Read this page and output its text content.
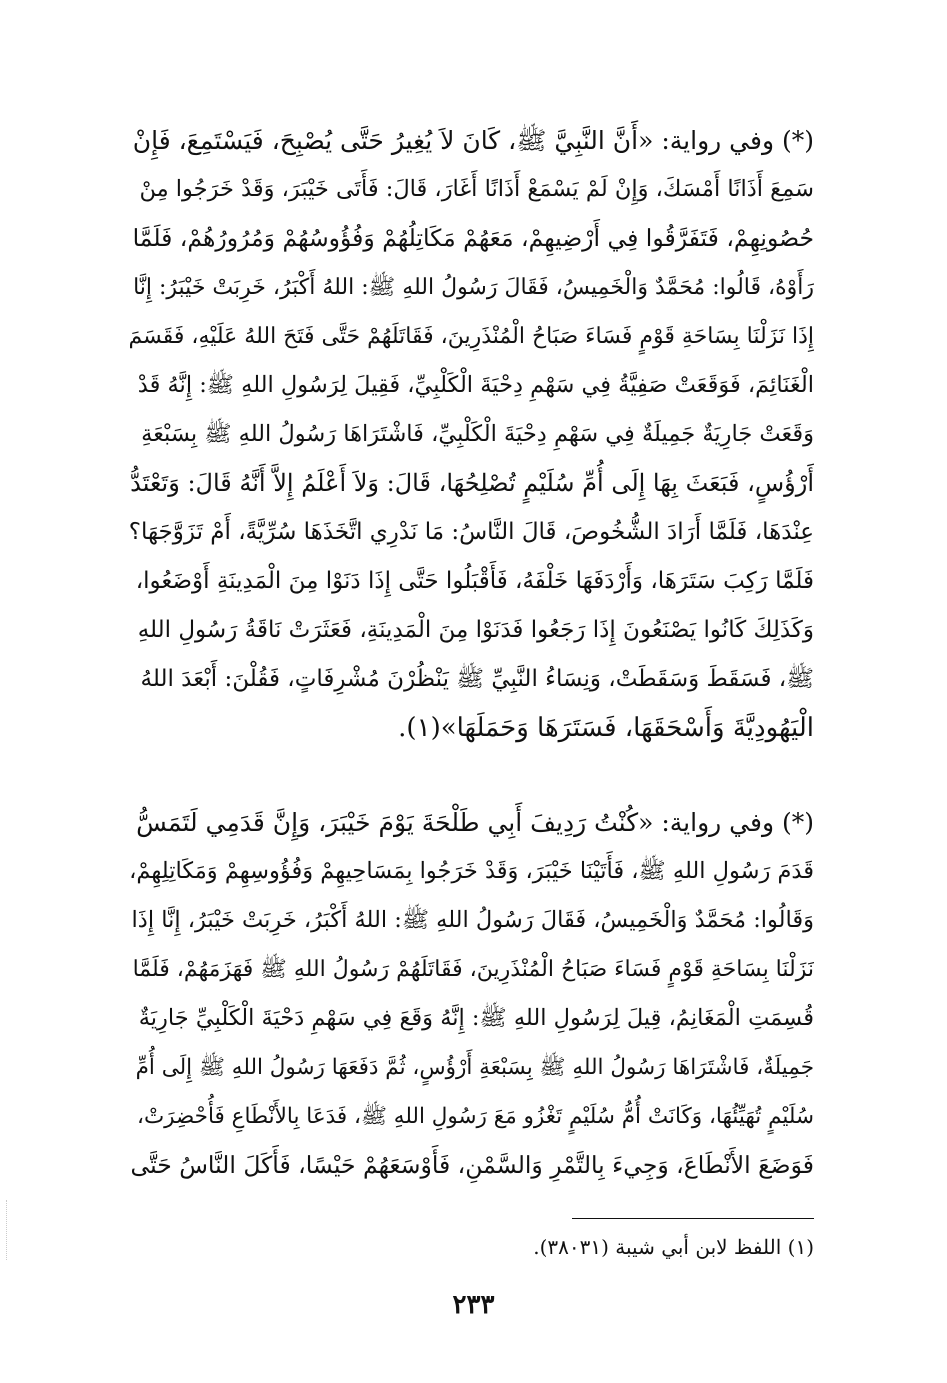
(*) وفي رواية: «أَنَّ النَّبِيَّ ﷺ، كَانَ لاَ يُغِيرُ حَتَّى يُصْبِحَ، فَيَسْتَمِعَ، فَإِنْ
سَمِعَ أَذَانًا أَمْسَكَ، وَإِنْ لَمْ يَسْمَعْ أَذَانًا أَغَارَ، قَالَ: فَأَتَى خَيْبَرَ، وَقَدْ خَرَجُوا مِنْ
حُصُونِهِمْ، فَتَفَرَّقُوا فِي أَرْضِيهِمْ، مَعَهُمْ مَكَاتِلُهُمْ وَفُؤُوسُهُمْ وَمُرُورُهُمْ، فَلَمَّا
رَأَوْهُ، قَالُوا: مُحَمَّدٌ وَالْخَمِيسُ، فَقَالَ رَسُولُ اللهِ ﷺ: اللهُ أَكْبَرُ، خَرِبَتْ خَيْبَرُ: إِنَّا
إِذَا نَزَلْنَا بِسَاحَةِ قَوْمٍ فَسَاءَ صَبَاحُ الْمُنْذَرِينَ، فَقَاتَلَهُمْ حَتَّى فَتَحَ اللهُ عَلَيْهِ، فَقَسَمَ
الْغَنَائِمَ، فَوَقَعَتْ صَفِيَّةُ فِي سَهْمِ دِحْيَةَ الْكَلْبِيِّ، فَقِيلَ لِرَسُولِ اللهِ ﷺ: إِنَّهُ قَدْ
وَقَعَتْ جَارِيَةٌ جَمِيلَةٌ فِي سَهْمِ دِحْيَةَ الْكَلْبِيِّ، فَاشْتَرَاهَا رَسُولُ اللهِ ﷺ بِسَبْعَةِ
أَرْؤُسٍ، فَبَعَثَ بِهَا إِلَى أُمِّ سُلَيْمٍ تُصْلِحُهَا، قَالَ: وَلاَ أَعْلَمُ إِلاَّ أَنَّهُ قَالَ: وَتَعْتَدُّ
عِنْدَهَا، فَلَمَّا أَرَادَ الشُّخُوصَ، قَالَ النَّاسُ: مَا نَدْرِي اتَّخَذَهَا سُرِّيَّةً، أَمْ تَزَوَّجَهَا؟
فَلَمَّا رَكِبَ سَتَرَهَا، وَأَرْدَفَهَا خَلْفَهُ، فَأَقْبَلُوا حَتَّى إِذَا دَنَوْا مِنَ الْمَدِينَةِ أَوْضَعُوا،
وَكَذَلِكَ كَانُوا يَصْنَعُونَ إِذَا رَجَعُوا فَدَنَوْا مِنَ الْمَدِينَةِ، فَعَثَرَتْ نَاقَةُ رَسُولِ اللهِ
ﷺ، فَسَقَطَ وَسَقَطَتْ، وَنِسَاءُ النَّبِيِّ ﷺ يَنْظُرْنَ مُشْرِفَاتٍ، فَقُلْنَ: أَبْعَدَ اللهُ
الْيَهُودِيَّةَ وَأَسْحَقَهَا، فَسَتَرَهَا وَحَمَلَهَا»(١).
(*) وفي رواية: «كُنْتُ رَدِيفَ أَبِي طَلْحَةَ يَوْمَ خَيْبَرَ، وَإِنَّ قَدَمِي لَتَمَسُّ
قَدَمَ رَسُولِ اللهِ ﷺ، فَأَتَيْنَا خَيْبَرَ، وَقَدْ خَرَجُوا بِمَسَاحِيهِمْ وَفُؤُوسِهِمْ وَمَكَاتِلِهِمْ،
وَقَالُوا: مُحَمَّدٌ وَالْخَمِيسُ، فَقَالَ رَسُولُ اللهِ ﷺ: اللهُ أَكْبَرُ، خَرِبَتْ خَيْبَرُ، إِنَّا إِذَا
نَزَلْنَا بِسَاحَةِ قَوْمٍ فَسَاءَ صَبَاحُ الْمُنْذَرِينَ، فَقَاتَلَهُمْ رَسُولُ اللهِ ﷺ فَهَزَمَهُمْ، فَلَمَّا
قُسِمَتِ الْمَغَانِمُ، قِيلَ لِرَسُولِ اللهِ ﷺ: إِنَّهُ وَقَعَ فِي سَهْمِ دَحْيَةَ الْكَلْبِيِّ جَارِيَةٌ
جَمِيلَةٌ، فَاشْتَرَاهَا رَسُولُ اللهِ ﷺ بِسَبْعَةِ أَرْؤُسٍ، ثُمَّ دَفَعَهَا رَسُولُ اللهِ ﷺ إِلَى أُمِّ
سُلَيْمٍ تُهَيِّئُهَا، وَكَانَتْ أُمُّ سُلَيْمٍ تَغْزُو مَعَ رَسُولِ اللهِ ﷺ، فَدَعَا بِالأَنْطَاعِ فَأُحْضِرَتْ،
فَوَضَعَ الأَنْطَاعَ، وَجِيءَ بِالتَّمْرِ وَالسَّمْنِ، فَأَوْسَعَهُمْ حَيْسًا، فَأَكَلَ النَّاسُ حَتَّى
(١) اللفظ لابن أبي شيبة (٣٨٠٣١).
٢٣٣
